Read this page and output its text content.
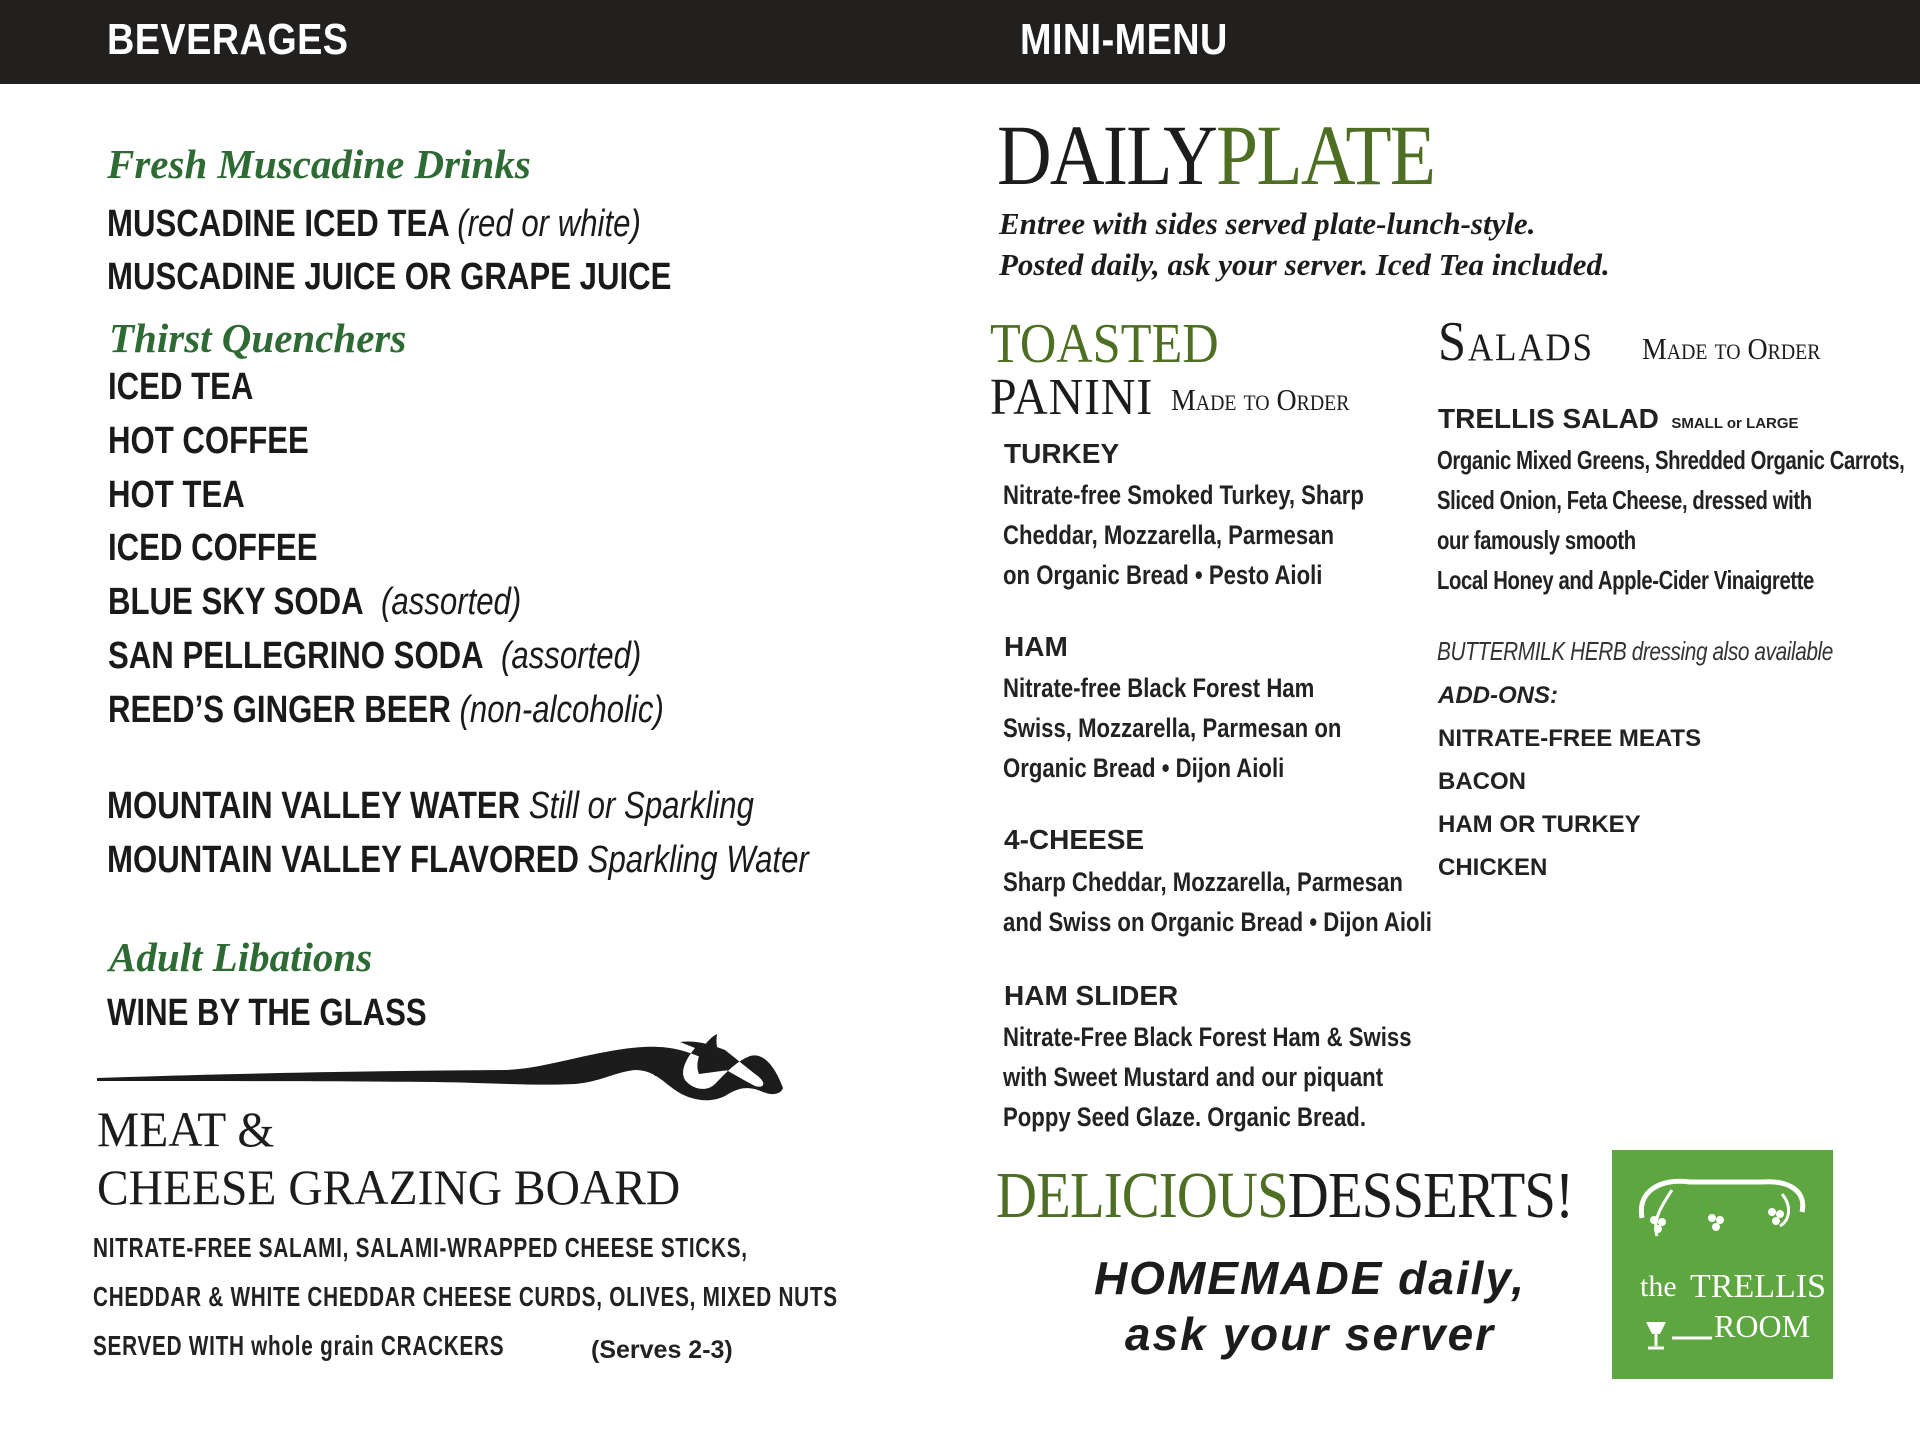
BEVERAGES	MINI-MENU
Fresh Muscadine Drinks
MUSCADINE ICED TEA (red or white)
MUSCADINE JUICE OR GRAPE JUICE
Thirst Quenchers
ICED TEA
HOT COFFEE
HOT TEA
ICED COFFEE
BLUE SKY SODA (assorted)
SAN PELLEGRINO SODA (assorted)
REED’S GINGER BEER (non-alcoholic)
MOUNTAIN VALLEY WATER Still or Sparkling
MOUNTAIN VALLEY FLAVORED Sparkling Water
Adult Libations
WINE BY THE GLASS
MEAT &
CHEESE GRAZING BOARD
NITRATE-FREE SALAMI, SALAMI-WRAPPED CHEESE STICKS,
CHEDDAR & WHITE CHEDDAR CHEESE CURDS, OLIVES, MIXED NUTS
SERVED WITH whole grain CRACKERS	(Serves 2-3)
DAILYPLATE
Entree with sides served plate-lunch-style.
Posted daily, ask your server. Iced Tea included.
TOASTED
PANINI Made to Order
TURKEY
Nitrate-free Smoked Turkey, Sharp
Cheddar, Mozzarella, Parmesan
on Organic Bread • Pesto Aioli
HAM
Nitrate-free Black Forest Ham
Swiss, Mozzarella, Parmesan on
Organic Bread • Dijon Aioli
4-CHEESE
Sharp Cheddar, Mozzarella, Parmesan
and Swiss on Organic Bread • Dijon Aioli
HAM SLIDER
Nitrate-Free Black Forest Ham & Swiss
with Sweet Mustard and our piquant
Poppy Seed Glaze. Organic Bread.
Salads Made to Order
TRELLIS SALAD SMALL or LARGE
Organic Mixed Greens, Shredded Organic Carrots,
Sliced Onion, Feta Cheese, dressed with
our famously smooth
Local Honey and Apple-Cider Vinaigrette
BUTTERMILK HERB dressing also available
ADD-ONS:
NITRATE-FREE MEATS
BACON
HAM OR TURKEY
CHICKEN
DELICIOUSDESSERTS!
HOMEMADE daily,
ask your server
the TRELLIS
ROOM
